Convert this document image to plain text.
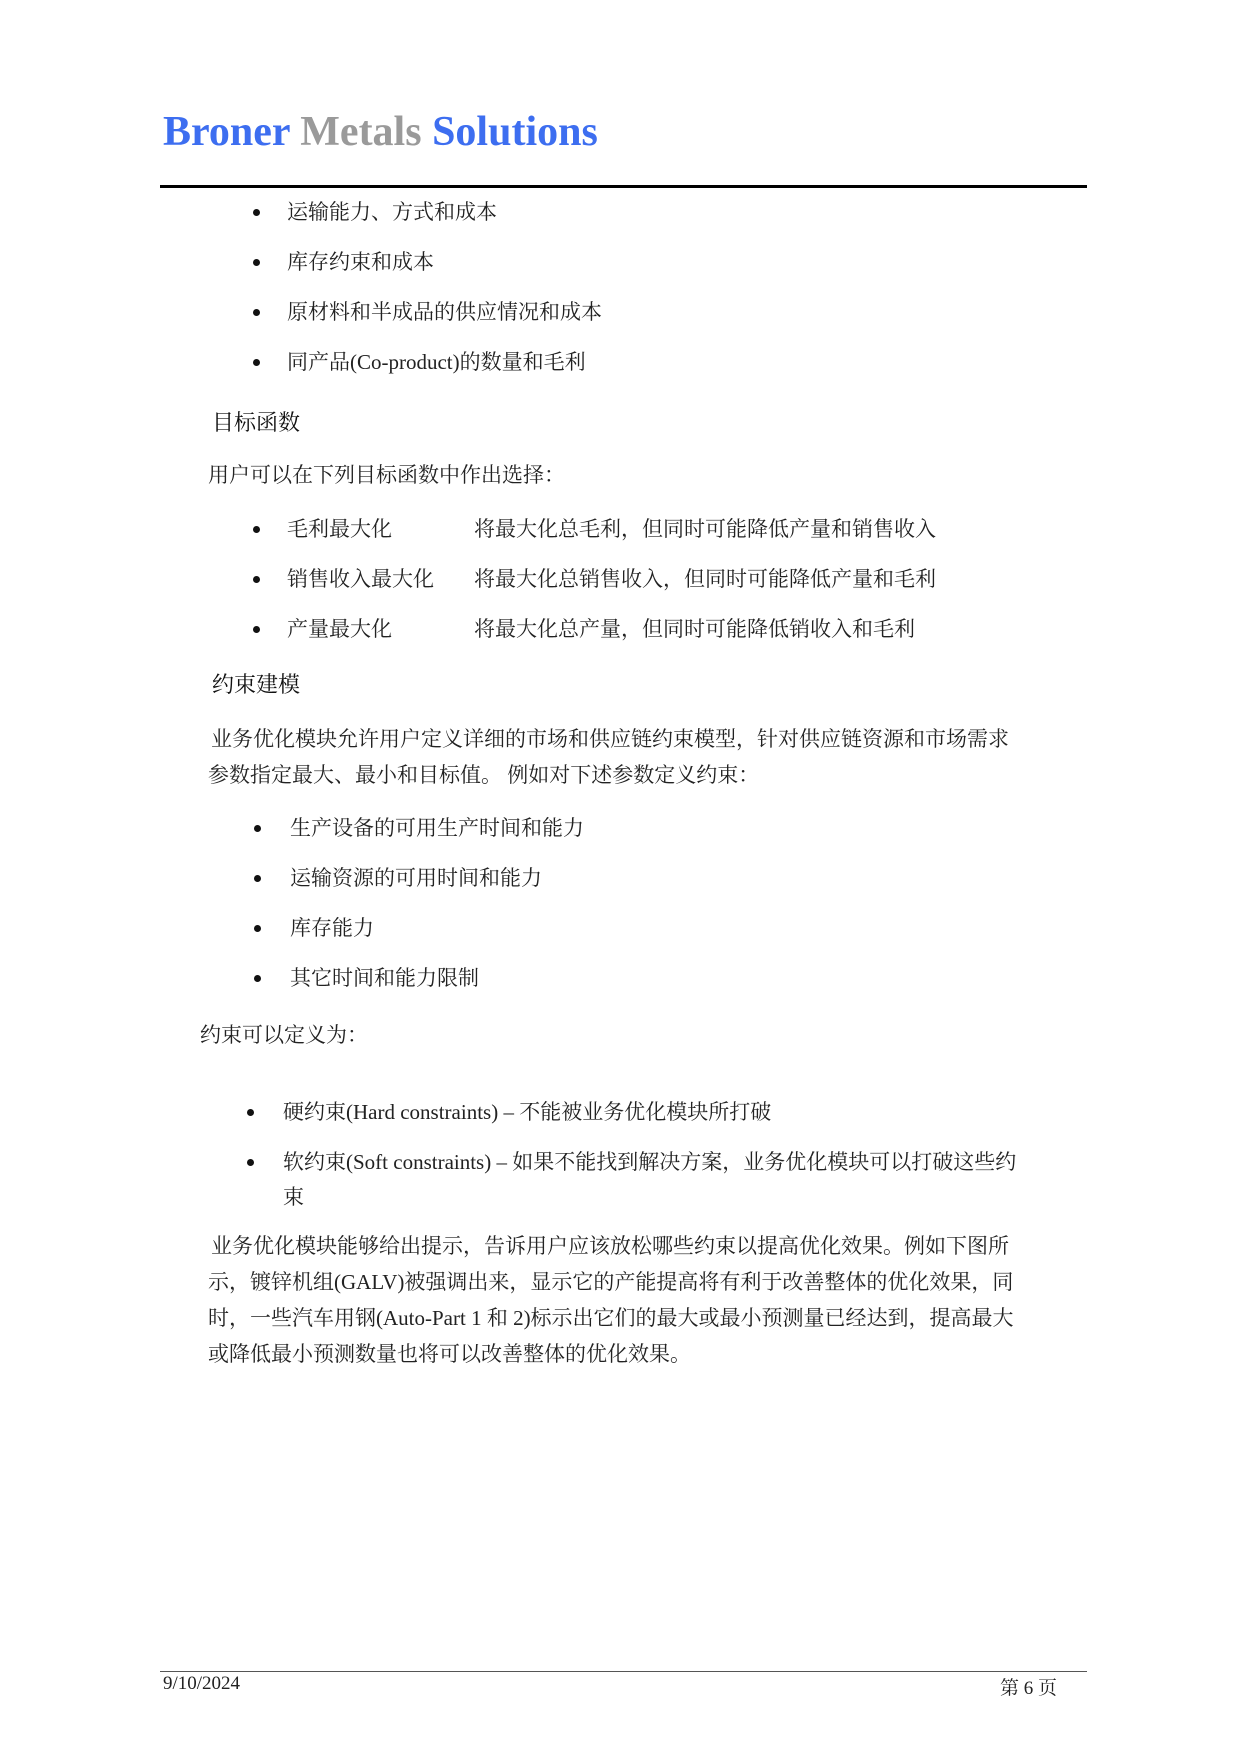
Broner Metals Solutions
运输能力、方式和成本
库存约束和成本
原材料和半成品的供应情况和成本
同产品(Co-product)的数量和毛利
目标函数
用户可以在下列目标函数中作出选择：
毛利最大化	将最大化总毛利，但同时可能降低产量和销售收入
销售收入最大化 将最大化总销售收入，但同时可能降低产量和毛利
产量最大化	将最大化总产量，但同时可能降低销收入和毛利
约束建模
业务优化模块允许用户定义详细的市场和供应链约束模型，针对供应链资源和市场需求
参数指定最大、最小和目标值。 例如对下述参数定义约束：
生产设备的可用生产时间和能力
运输资源的可用时间和能力
库存能力
其它时间和能力限制
约束可以定义为：
硬约束(Hard constraints) – 不能被业务优化模块所打破
软约束(Soft constraints) – 如果不能找到解决方案，业务优化模块可以打破这些约
束
业务优化模块能够给出提示，告诉用户应该放松哪些约束以提高优化效果。例如下图所
示，镀锌机组(GALV)被强调出来，显示它的产能提高将有利于改善整体的优化效果，同
时，一些汽车用钢(Auto-Part 1 和 2)标示出它们的最大或最小预测量已经达到，提高最大
或降低最小预测数量也将可以改善整体的优化效果。
9/10/2024	第 6 页
